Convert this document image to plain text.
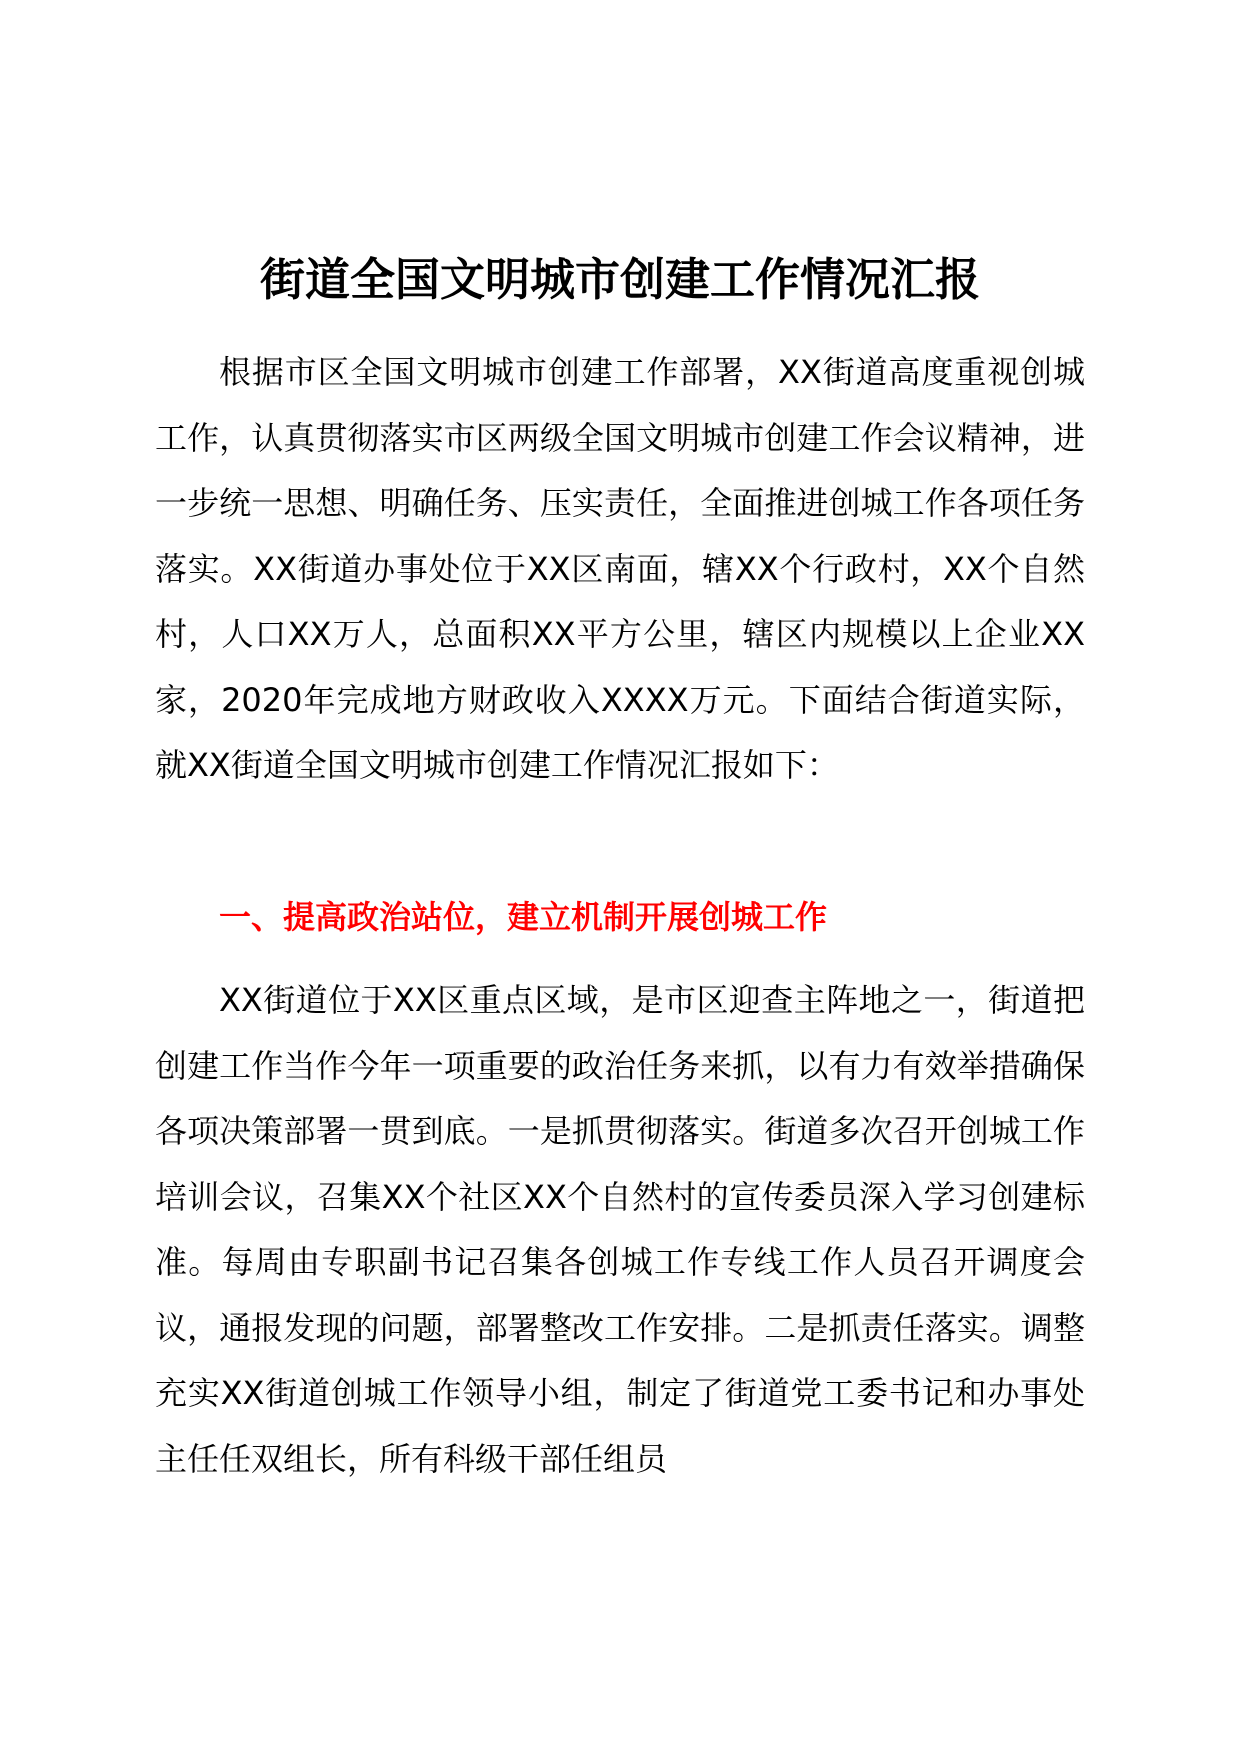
街道全国文明城市创建工作情况汇报

根据市区全国文明城市创建工作部署，XX街道高度重视创城工作，认真贯彻落实市区两级全国文明城市创建工作会议精神，进一步统一思想、明确任务、压实责任，全面推进创城工作各项任务落实。XX街道办事处位于XX区南面，辖XX个行政村，XX个自然村，人口XX万人，总面积XX平方公里，辖区内规模以上企业XX家，2020年完成地方财政收入XXXX万元。下面结合街道实际，就XX街道全国文明城市创建工作情况汇报如下：

一、提高政治站位，建立机制开展创城工作

XX街道位于XX区重点区域，是市区迎查主阵地之一，街道把创建工作当作今年一项重要的政治任务来抓，以有力有效举措确保各项决策部署一贯到底。一是抓贯彻落实。街道多次召开创城工作培训会议，召集XX个社区XX个自然村的宣传委员深入学习创建标准。每周由专职副书记召集各创城工作专线工作人员召开调度会议，通报发现的问题，部署整改工作安排。二是抓责任落实。调整充实XX街道创城工作领导小组，制定了街道党工委书记和办事处主任任双组长，所有科级干部任组员
